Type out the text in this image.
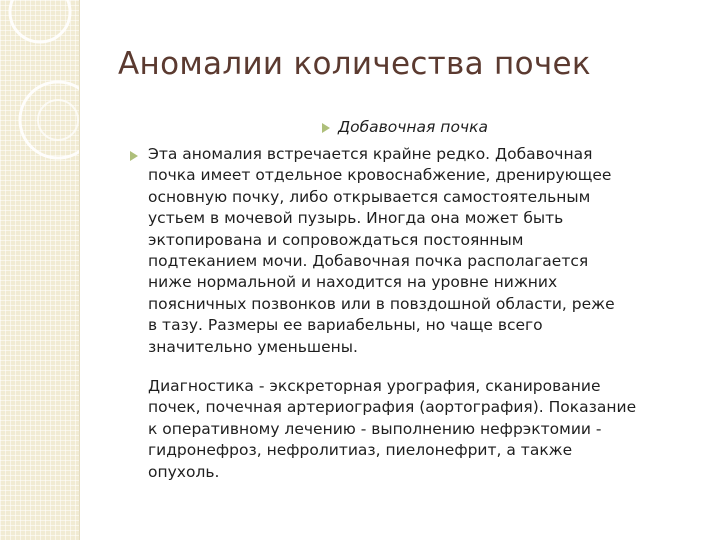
Аномалии количества почек
Добавочная почка

Эта аномалия встречается крайне редко. Добавочная
почка имеет отдельное кровоснабжение, дренирующее
основную почку, либо открывается самостоятельным
устьем в мочевой пузырь. Иногда она может быть
эктопирована и сопровождаться постоянным
подтеканием мочи. Добавочная почка располагается
ниже нормальной и находится на уровне нижних
поясничных позвонков или в повздошной области, реже
в тазу. Размеры ее вариабельны, но чаще всего
значительно уменьшены.

Диагностика - экскреторная урография, сканирование
почек, почечная артериография (аортография). Показание
к оперативному лечению - выполнению нефрэктомии -
гидронефроз, нефролитиаз, пиелонефрит, а также
опухоль.
